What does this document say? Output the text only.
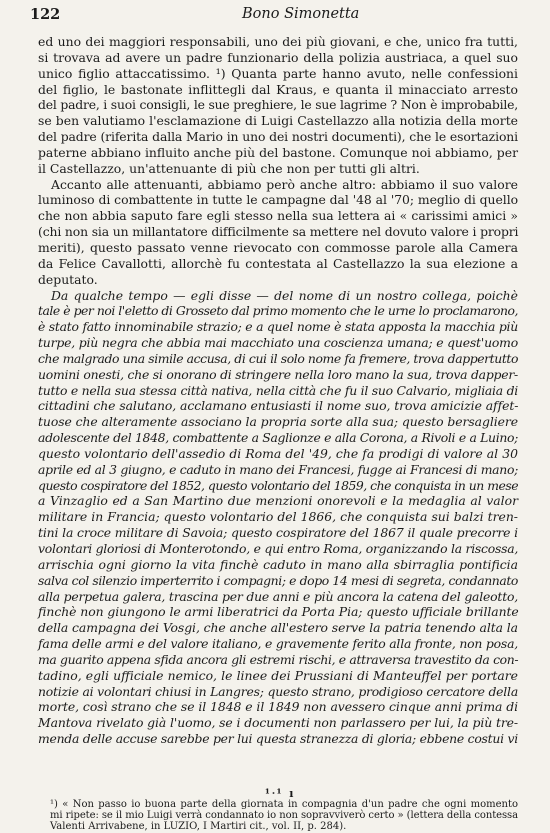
122	Bono Simonetta
ed uno dei maggiori responsabili, uno dei più giovani, e che, unico fra tutti,
si trovava ad avere un padre funzionario della polizia austriaca, a quel suo
unico figlio attaccatissimo. ¹) Quanta parte hanno avuto, nelle confessioni
del figlio, le bastonate inflittegli dal Kraus, e quanta il minacciato arresto
del padre, i suoi consigli, le sue preghiere, le sue lagrime ? Non è improbabile,
se ben valutiamo l'esclamazione di Luigi Castellazzo alla notizia della morte
del padre (riferita dalla Mario in uno dei nostri documenti), che le esortazioni
paterne abbiano influito anche più del bastone. Comunque noi abbiamo, per
il Castellazzo, un'attenuante di più che non per tutti gli altri.
Accanto alle attenuanti, abbiamo però anche altro: abbiamo il suo valore
luminoso di combattente in tutte le campagne dal '48 al '70; meglio di quello
che non abbia saputo fare egli stesso nella sua lettera ai « carissimi amici »
(chi non sia un millantatore difficilmente sa mettere nel dovuto valore i propri
meriti), questo passato venne rievocato con commosse parole alla Camera
da Felice Cavallotti, allorchè fu contestata al Castellazzo la sua elezione a
deputato.
Da qualche tempo — egli disse — del nome di un nostro collega, poichè
tale è per noi l'eletto di Grosseto dal primo momento che le urne lo proclamarono,
è stato fatto innominabile strazio; e a quel nome è stata apposta la macchia più
turpe, più negra che abbia mai macchiato una coscienza umana; e quest'uomo
che malgrado una simile accusa, di cui il solo nome fa fremere, trova dappertutto
uomini onesti, che si onorano di stringere nella loro mano la sua, trova dapper-
tutto e nella sua stessa città nativa, nella città che fu il suo Calvario, migliaia di
cittadini che salutano, acclamano entusiasti il nome suo, trova amicizie affet-
tuose che alteramente associano la propria sorte alla sua; questo bersagliere
adolescente del 1848, combattente a Saglionze e alla Corona, a Rivoli e a Luino;
questo volontario dell'assedio di Roma del '49, che fa prodigi di valore al 30
aprile ed al 3 giugno, e caduto in mano dei Francesi, fugge ai Francesi di mano;
questo cospiratore del 1852, questo volontario del 1859, che conquista in un mese
a Vinzaglio ed a San Martino due menzioni onorevoli e la medaglia al valor
militare in Francia; questo volontario del 1866, che conquista sui balzi tren-
tini la croce militare di Savoia; questo cospiratore del 1867 il quale precorre i
volontari gloriosi di Monterotondo, e qui entro Roma, organizzando la riscossa,
arrischia ogni giorno la vita finchè caduto in mano alla sbirraglia pontificia
salva col silenzio imperterrito i compagni; e dopo 14 mesi di segreta, condannato
alla perpetua galera, trascina per due anni e più ancora la catena del galeotto,
finchè non giungono le armi liberatrici da Porta Pia; questo ufficiale brillante
della campagna dei Vosgi, che anche all'estero serve la patria tenendo alta la
fama delle armi e del valore italiano, e gravemente ferito alla fronte, non posa,
ma guarito appena sfida ancora gli estremi rischi, e attraversa travestito da con-
tadino, egli ufficiale nemico, le linee dei Prussiani di Manteuffel per portare
notizie ai volontari chiusi in Langres; questo strano, prodigioso cercatore della
morte, così strano che se il 1848 e il 1849 non avessero cinque anni prima di
Mantova rivelato già l'uomo, se i documenti non parlassero per lui, la più tre-
menda delle accuse sarebbe per lui questa stranezza di gloria; ebbene costui vi
¹ᐧ¹ ı
¹) « Non passo io buona parte della giornata in compagnia d'un padre che ogni momento
mi ripete: se il mio Luigi verrà condannato io non sopravviverò certo » (lettera della contessa
Valenti Arrivabene, in LUZIO, I Martiri cit., vol. II, p. 284).
